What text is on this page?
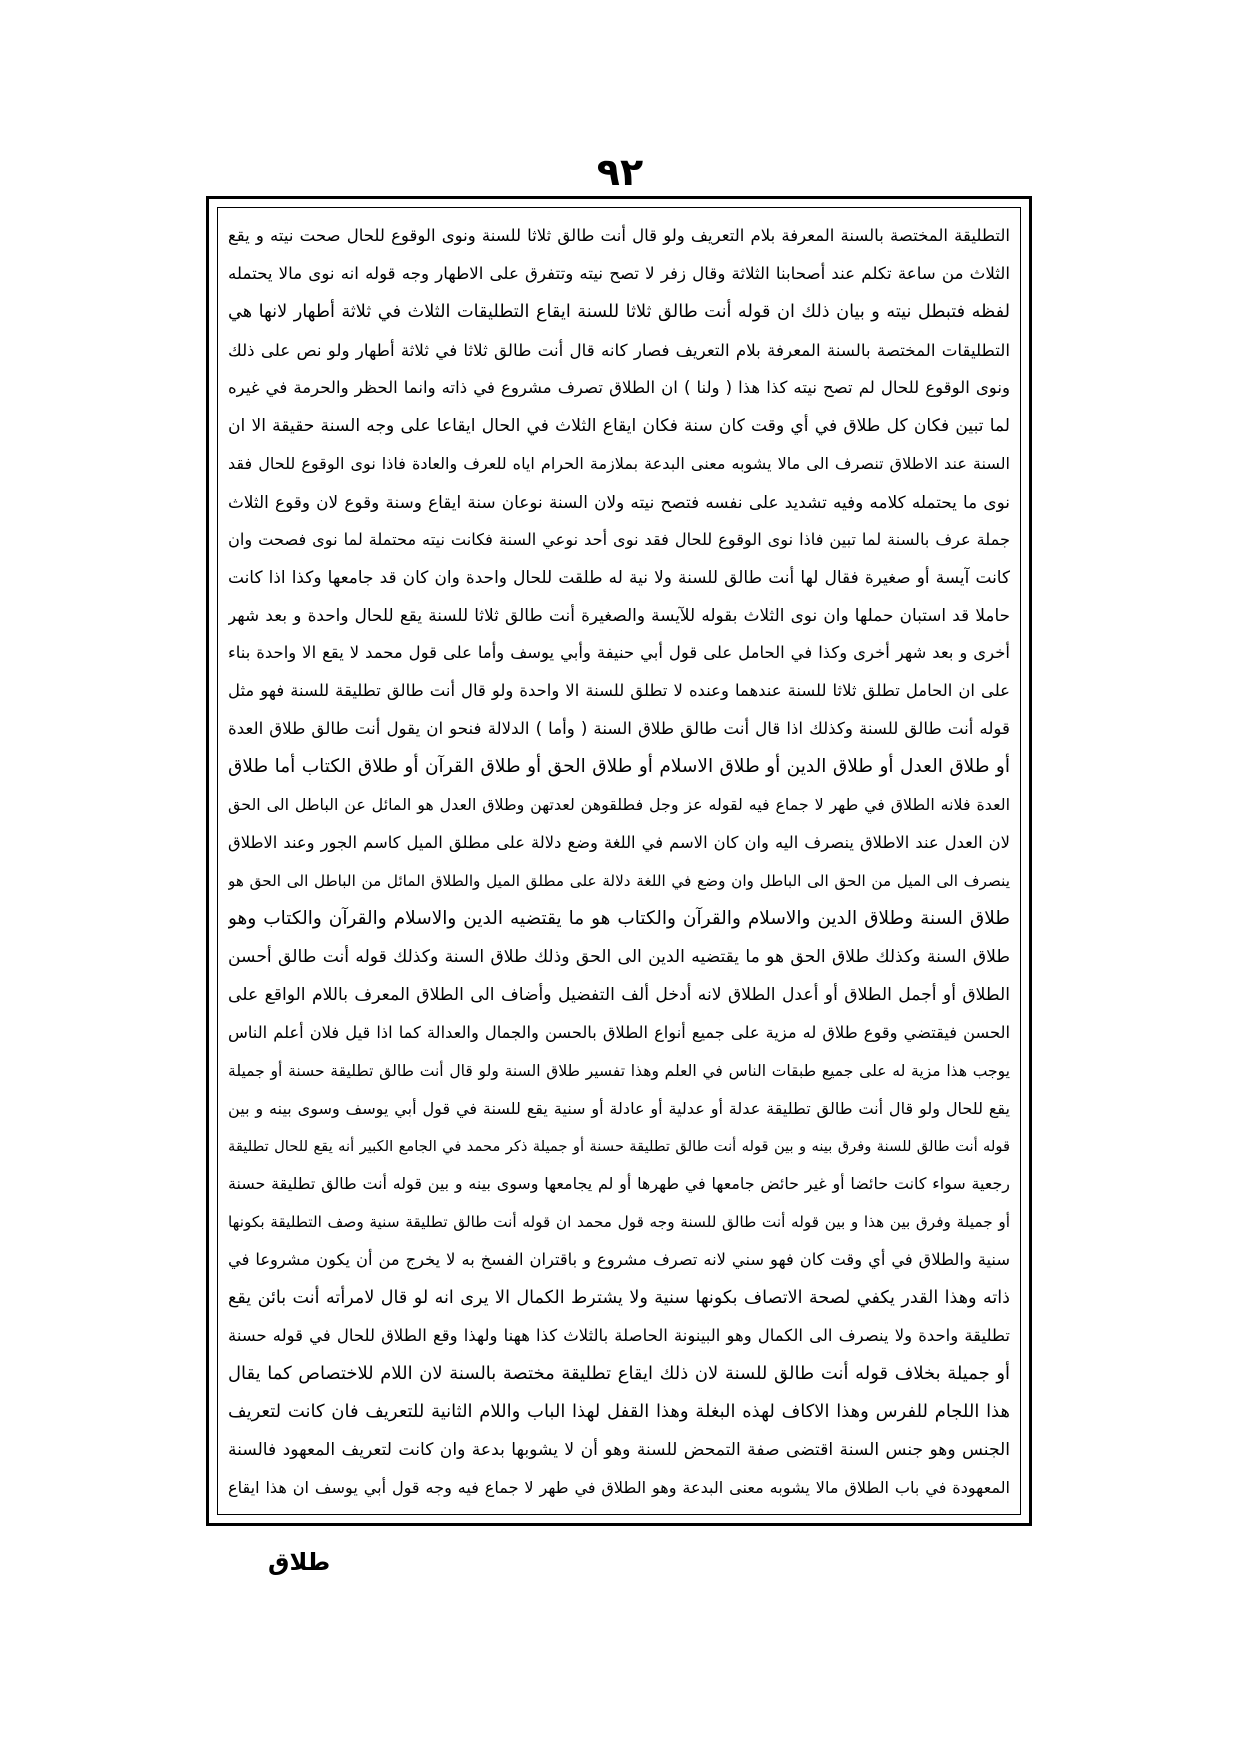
٩٢
التطليقة المختصة بالسنة المعرفة بلام التعريف ولو قال أنت طالق ثلاثا للسنة ونوى الوقوع للحال صحت نيته و يقع
الثلاث من ساعة تكلم عند أصحابنا الثلاثة وقال زفر لا تصح نيته وتتفرق على الاطهار وجه قوله انه نوى مالا يحتمله
لفظه فتبطل نيته و بيان ذلك ان قوله أنت طالق ثلاثا للسنة ايقاع التطليقات الثلاث في ثلاثة أطهار لانها هي
التطليقات المختصة بالسنة المعرفة بلام التعريف فصار كانه قال أنت طالق ثلاثا في ثلاثة أطهار ولو نص على ذلك
ونوى الوقوع للحال لم تصح نيته كذا هذا ( ولنا ) ان الطلاق تصرف مشروع في ذاته وانما الحظر والحرمة في غيره
لما تبين فكان كل طلاق في أي وقت كان سنة فكان ايقاع الثلاث في الحال ايقاعا على وجه السنة حقيقة الا ان
السنة عند الاطلاق تنصرف الى مالا يشوبه معنى البدعة بملازمة الحرام اياه للعرف والعادة فاذا نوى الوقوع للحال فقد
نوى ما يحتمله كلامه وفيه تشديد على نفسه فتصح نيته ولان السنة نوعان سنة ايقاع وسنة وقوع لان وقوع الثلاث
جملة عرف بالسنة لما تبين فاذا نوى الوقوع للحال فقد نوى أحد نوعي السنة فكانت نيته محتملة لما نوى فصحت وان
كانت آيسة أو صغيرة فقال لها أنت طالق للسنة ولا نية له طلقت للحال واحدة وان كان قد جامعها وكذا اذا كانت
حاملا قد استبان حملها وان نوى الثلاث بقوله للآيسة والصغيرة أنت طالق ثلاثا للسنة يقع للحال واحدة و بعد شهر
أخرى و بعد شهر أخرى وكذا في الحامل على قول أبي حنيفة وأبي يوسف وأما على قول محمد لا يقع الا واحدة بناء
على ان الحامل تطلق ثلاثا للسنة عندهما وعنده لا تطلق للسنة الا واحدة ولو قال أنت طالق تطليقة للسنة فهو مثل
قوله أنت طالق للسنة وكذلك اذا قال أنت طالق طلاق السنة ( وأما ) الدلالة فنحو ان يقول أنت طالق طلاق العدة
أو طلاق العدل أو طلاق الدين أو طلاق الاسلام أو طلاق الحق أو طلاق القرآن أو طلاق الكتاب أما طلاق
العدة فلانه الطلاق في طهر لا جماع فيه لقوله عز وجل فطلقوهن لعدتهن وطلاق العدل هو المائل عن الباطل الى الحق
لان العدل عند الاطلاق ينصرف اليه وان كان الاسم في اللغة وضع دلالة على مطلق الميل كاسم الجور وعند الاطلاق
ينصرف الى الميل من الحق الى الباطل وان وضع في اللغة دلالة على مطلق الميل والطلاق المائل من الباطل الى الحق هو
طلاق السنة وطلاق الدين والاسلام والقرآن والكتاب هو ما يقتضيه الدين والاسلام والقرآن والكتاب وهو
طلاق السنة وكذلك طلاق الحق هو ما يقتضيه الدين الى الحق وذلك طلاق السنة وكذلك قوله أنت طالق أحسن
الطلاق أو أجمل الطلاق أو أعدل الطلاق لانه أدخل ألف التفضيل وأضاف الى الطلاق المعرف باللام الواقع على
الحسن فيقتضي وقوع طلاق له مزية على جميع أنواع الطلاق بالحسن والجمال والعدالة كما اذا قيل فلان أعلم الناس
يوجب هذا مزية له على جميع طبقات الناس في العلم وهذا تفسير طلاق السنة ولو قال أنت طالق تطليقة حسنة أو جميلة
يقع للحال ولو قال أنت طالق تطليقة عدلة أو عدلية أو عادلة أو سنية يقع للسنة في قول أبي يوسف وسوى بينه و بين
قوله أنت طالق للسنة وفرق بينه و بين قوله أنت طالق تطليقة حسنة أو جميلة ذكر محمد في الجامع الكبير أنه يقع للحال تطليقة
رجعية سواء كانت حائضا أو غير حائض جامعها في طهرها أو لم يجامعها وسوى بينه و بين قوله أنت طالق تطليقة حسنة
أو جميلة وفرق بين هذا و بين قوله أنت طالق للسنة وجه قول محمد ان قوله أنت طالق تطليقة سنية وصف التطليقة بكونها
سنية والطلاق في أي وقت كان فهو سني لانه تصرف مشروع و باقتران الفسخ به لا يخرج من أن يكون مشروعا في
ذاته وهذا القدر يكفي لصحة الاتصاف بكونها سنية ولا يشترط الكمال الا يرى انه لو قال لامرأته أنت بائن يقع
تطليقة واحدة ولا ينصرف الى الكمال وهو البينونة الحاصلة بالثلاث كذا ههنا ولهذا وقع الطلاق للحال في قوله حسنة
أو جميلة بخلاف قوله أنت طالق للسنة لان ذلك ايقاع تطليقة مختصة بالسنة لان اللام للاختصاص كما يقال
هذا اللجام للفرس وهذا الاكاف لهذه البغلة وهذا القفل لهذا الباب واللام الثانية للتعريف فان كانت لتعريف
الجنس وهو جنس السنة اقتضى صفة التمحض للسنة وهو أن لا يشوبها بدعة وان كانت لتعريف المعهود فالسنة
المعهودة في باب الطلاق مالا يشوبه معنى البدعة وهو الطلاق في طهر لا جماع فيه وجه قول أبي يوسف ان هذا ايقاع
طلاق
